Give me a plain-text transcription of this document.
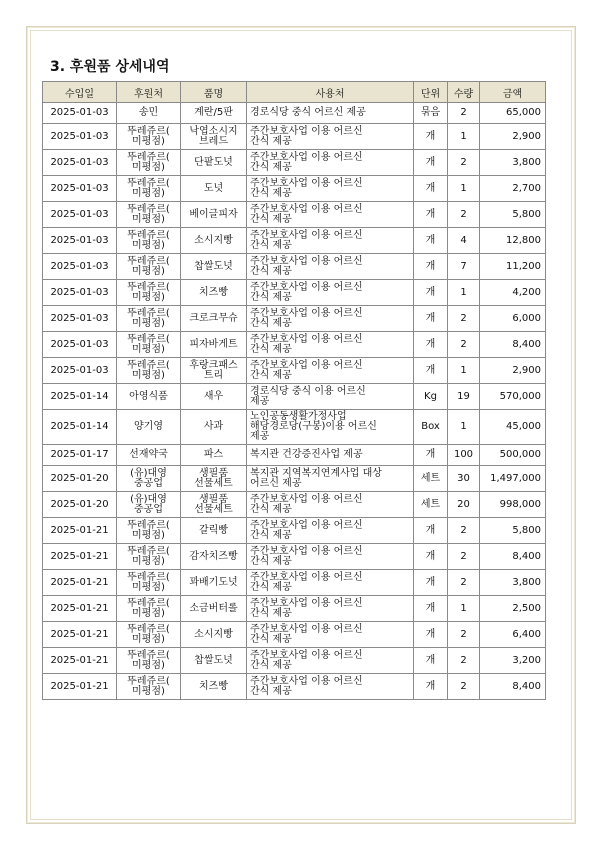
3. 후원품 상세내역
수입일	후원처	품명	사용처	단위	수량	금액
2025-01-03	송민	계란/5판	경로식당 중식 어르신 제공	묶음	2	65,000
2025-01-03	뚜레쥬르(
미평점)	낙엽소시지
브레드	주간보호사업 이용 어르신
간식 제공	개	1	2,900
2025-01-03	뚜레쥬르(
미평점)	단팥도넛	주간보호사업 이용 어르신
간식 제공	개	2	3,800
2025-01-03	뚜레쥬르(
미평점)	도넛	주간보호사업 이용 어르신
간식 제공	개	1	2,700
2025-01-03	뚜레쥬르(
미평점)	베이글피자	주간보호사업 이용 어르신
간식 제공	개	2	5,800
2025-01-03	뚜레쥬르(
미평점)	소시지빵	주간보호사업 이용 어르신
간식 제공	개	4	12,800
2025-01-03	뚜레쥬르(
미평점)	찹쌀도넛	주간보호사업 이용 어르신
간식 제공	개	7	11,200
2025-01-03	뚜레쥬르(
미평점)	치즈빵	주간보호사업 이용 어르신
간식 제공	개	1	4,200
2025-01-03	뚜레쥬르(
미평점)	크로크무슈	주간보호사업 이용 어르신
간식 제공	개	2	6,000
2025-01-03	뚜레쥬르(
미평점)	피자바게트	주간보호사업 이용 어르신
간식 제공	개	2	8,400
2025-01-03	뚜레쥬르(
미평점)	후랑크패스
트리	주간보호사업 이용 어르신
간식 제공	개	1	2,900
2025-01-14	아영식품	새우	경로식당 중식 이용 어르신
제공	Kg	19	570,000
2025-01-14	양기영	사과	노인공동생활가정사업
해당경로당(구봉)이용 어르신
제공	Box	1	45,000
2025-01-17	선재약국	파스	복지관 건강증진사업 제공	개	100	500,000
2025-01-20	(유)대영
중공업	생필품
선물세트	복지관 지역복지연계사업 대상
어르신 제공	세트	30	1,497,000
2025-01-20	(유)대영
중공업	생필품
선물세트	주간보호사업 이용 어르신
간식 제공	세트	20	998,000
2025-01-21	뚜레쥬르(
미평점)	갈릭빵	주간보호사업 이용 어르신
간식 제공	개	2	5,800
2025-01-21	뚜레쥬르(
미평점)	감자치즈빵	주간보호사업 이용 어르신
간식 제공	개	2	8,400
2025-01-21	뚜레쥬르(
미평점)	꽈배기도넛	주간보호사업 이용 어르신
간식 제공	개	2	3,800
2025-01-21	뚜레쥬르(
미평점)	소금버터롤	주간보호사업 이용 어르신
간식 제공	개	1	2,500
2025-01-21	뚜레쥬르(
미평점)	소시지빵	주간보호사업 이용 어르신
간식 제공	개	2	6,400
2025-01-21	뚜레쥬르(
미평점)	찹쌀도넛	주간보호사업 이용 어르신
간식 제공	개	2	3,200
2025-01-21	뚜레쥬르(
미평점)	치즈빵	주간보호사업 이용 어르신
간식 제공	개	2	8,400
